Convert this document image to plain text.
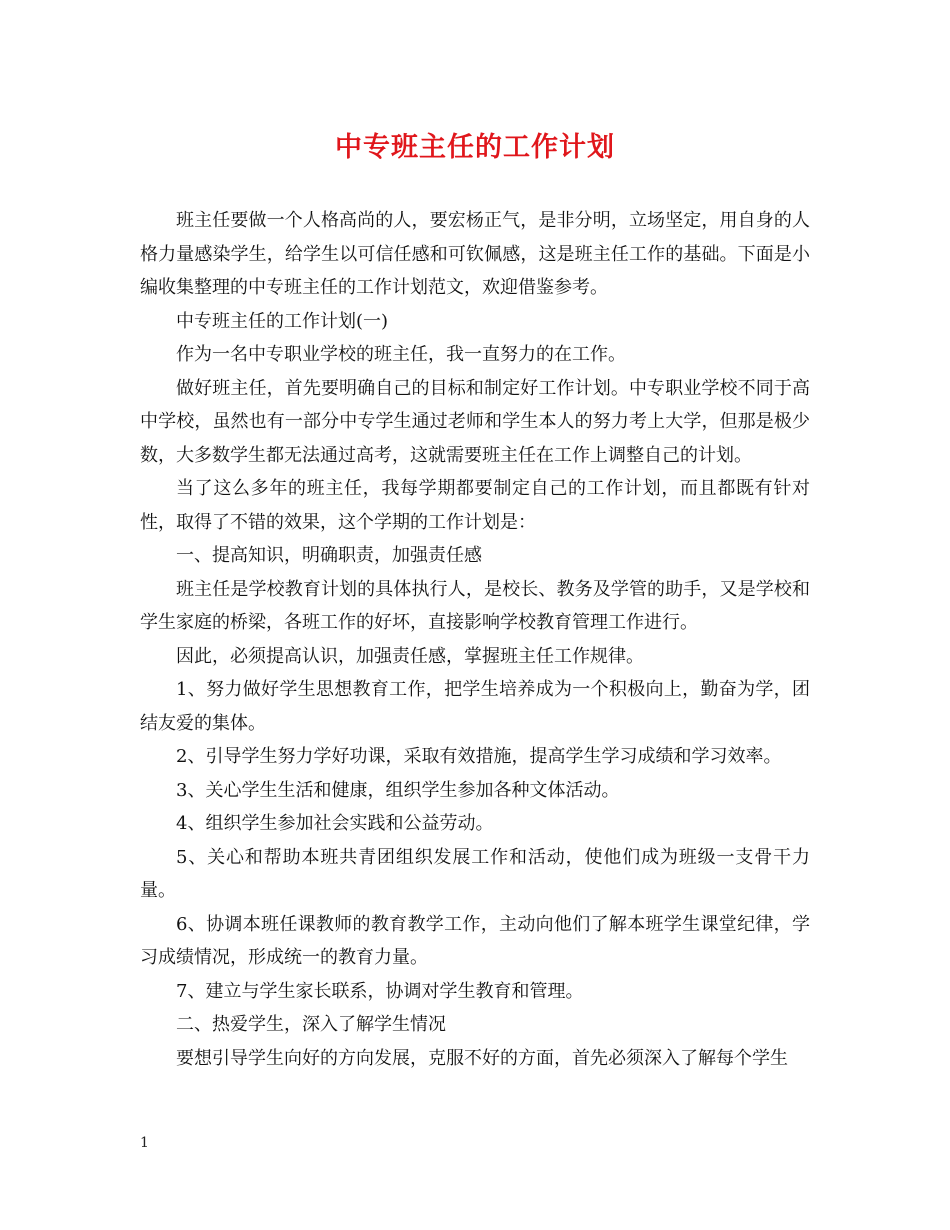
中专班主任的工作计划

班主任要做一个人格高尚的人，要宏杨正气，是非分明，立场坚定，用自身的人格力量感染学生，给学生以可信任感和可钦佩感，这是班主任工作的基础。下面是小编收集整理的中专班主任的工作计划范文，欢迎借鉴参考。

中专班主任的工作计划(一)

作为一名中专职业学校的班主任，我一直努力的在工作。

做好班主任，首先要明确自己的目标和制定好工作计划。中专职业学校不同于高中学校，虽然也有一部分中专学生通过老师和学生本人的努力考上大学，但那是极少数，大多数学生都无法通过高考，这就需要班主任在工作上调整自己的计划。

当了这么多年的班主任，我每学期都要制定自己的工作计划，而且都既有针对性，取得了不错的效果，这个学期的工作计划是：

一、提高知识，明确职责，加强责任感

班主任是学校教育计划的具体执行人，是校长、教务及学管的助手，又是学校和学生家庭的桥梁，各班工作的好坏，直接影响学校教育管理工作进行。

因此，必须提高认识，加强责任感，掌握班主任工作规律。

1、努力做好学生思想教育工作，把学生培养成为一个积极向上，勤奋为学，团结友爱的集体。

2、引导学生努力学好功课，采取有效措施，提高学生学习成绩和学习效率。

3、关心学生生活和健康，组织学生参加各种文体活动。

4、组织学生参加社会实践和公益劳动。

5、关心和帮助本班共青团组织发展工作和活动，使他们成为班级一支骨干力量。

6、协调本班任课教师的教育教学工作，主动向他们了解本班学生课堂纪律，学习成绩情况，形成统一的教育力量。

7、建立与学生家长联系，协调对学生教育和管理。

二、热爱学生，深入了解学生情况

要想引导学生向好的方向发展，克服不好的方面，首先必须深入了解每个学生

1
